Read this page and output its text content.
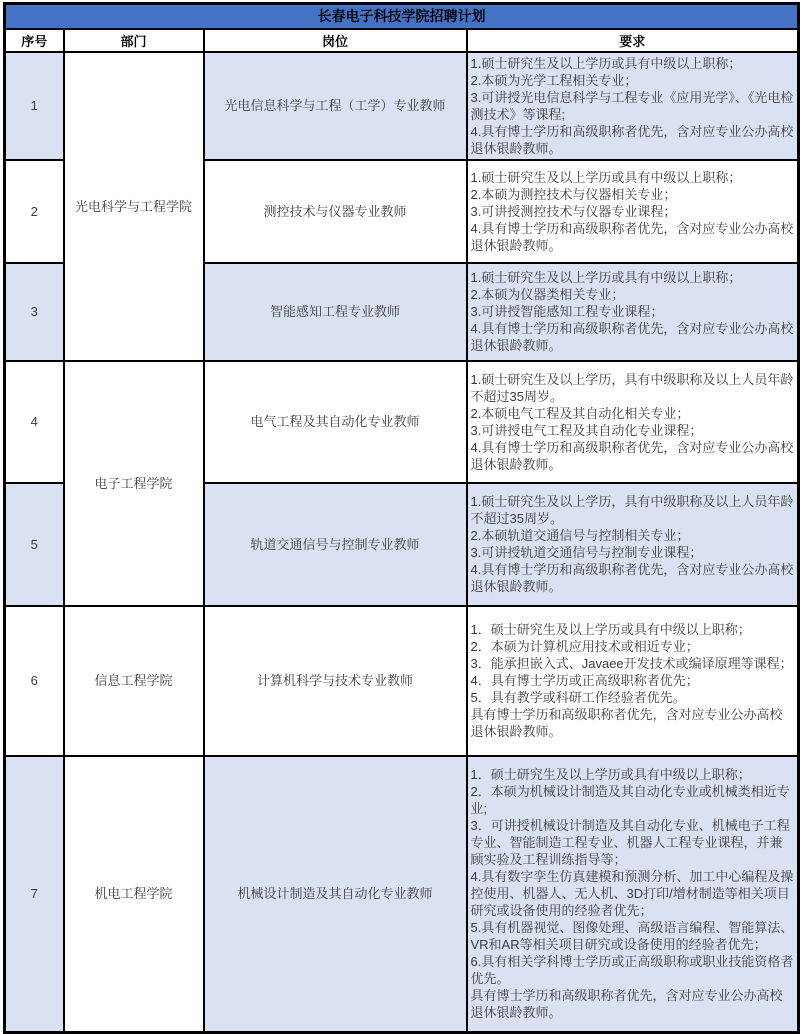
长春电子科技学院招聘计划			
序号	部门	岗位	要求
1	光电科学与工程学院	光电信息科学与工程（工学）专业教师	1.硕士研究生及以上学历或具有中级以上职称；
2.本硕为光学工程相关专业；
3.可讲授光电信息科学与工程专业《应用光学》、《光电检测技术》等课程;
4.具有博士学历和高级职称者优先，含对应专业公办高校退休银龄教师。

2		测控技术与仪器专业教师	1.硕士研究生及以上学历或具有中级以上职称；
2.本硕为测控技术与仪器相关专业；
3.可讲授测控技术与仪器专业课程；
4.具有博士学历和高级职称者优先，含对应专业公办高校退休银龄教师。

3		智能感知工程专业教师	1.硕士研究生及以上学历或具有中级以上职称；
2.本硕为仪器类相关专业；
3.可讲授智能感知工程专业课程；
4.具有博士学历和高级职称者优先，含对应专业公办高校退休银龄教师。

4	电子工程学院	电气工程及其自动化专业教师	1.硕士研究生及以上学历，具有中级职称及以上人员年龄不超过35周岁。
2.本硕电气工程及其自动化相关专业；
3.可讲授电气工程及其自动化专业课程；
4.具有博士学历和高级职称者优先，含对应专业公办高校退休银龄教师。

5		轨道交通信号与控制专业教师	1.硕士研究生及以上学历，具有中级职称及以上人员年龄不超过35周岁。
2.本硕轨道交通信号与控制相关专业；
3.可讲授轨道交通信号与控制专业课程；
4.具有博士学历和高级职称者优先，含对应专业公办高校退休银龄教师。

6	信息工程学院	计算机科学与技术专业教师	
1．硕士研究生及以上学历或具有中级以上职称；
2．本硕为计算机应用技术或相近专业；
3．能承担嵌入式、Javaee开发技术或编译原理等课程；
4．具有博士学历或正高级职称者优先；
5．具有教学或科研工作经验者优先。
具有博士学历和高级职称者优先，含对应专业公办高校退休银龄教师。

7	机电工程学院	机械设计制造及其自动化专业教师	
1．硕士研究生及以上学历或具有中级以上职称；
2．本硕为机械设计制造及其自动化专业或机械类相近专业;
3．可讲授机械设计制造及其自动化专业、机械电子工程专业、智能制造工程专业、机器人工程专业课程，并兼顾实验及工程训练指导等；
4.具有数字孪生仿真建模和预测分析、加工中心编程及操控使用、机器人、无人机、3D打印/增材制造等相关项目研究或设备使用的经验者优先；
5.具有机器视觉、图像处理、高级语言编程、智能算法、VR和AR等相关项目研究或设备使用的经验者优先；
6.具有相关学科博士学历或正高级职称或职业技能资格者优先。
具有博士学历和高级职称者优先，含对应专业公办高校退休银龄教师。
